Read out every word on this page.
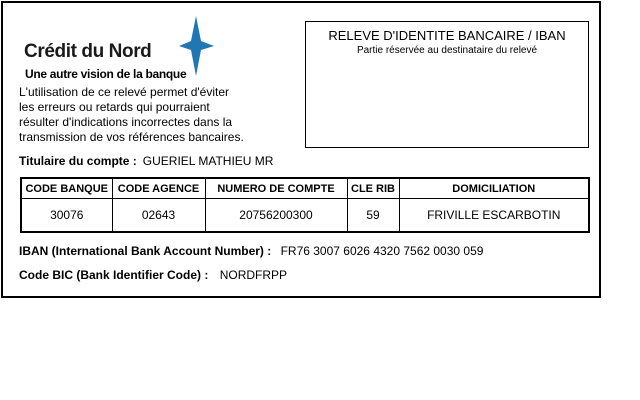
Crédit du Nord
Une autre vision de la banque
L'utilisation de ce relevé permet d'éviter
les erreurs ou retards qui pourraient
résulter d'indications incorrectes dans la
transmission de vos références bancaires.
RELEVE D'IDENTITE BANCAIRE / IBAN
Partie réservée au destinataire du relevé
Titulaire du compte : GUERIEL MATHIEU MR
CODE BANQUE	CODE AGENCE	NUMERO DE COMPTE	CLE RIB	DOMICILIATION
30076	02643	20756200300	59	FRIVILLE ESCARBOTIN
IBAN (International Bank Account Number) : FR76 3007 6026 4320 7562 0030 059
Code BIC (Bank Identifier Code) : NORDFRPP
